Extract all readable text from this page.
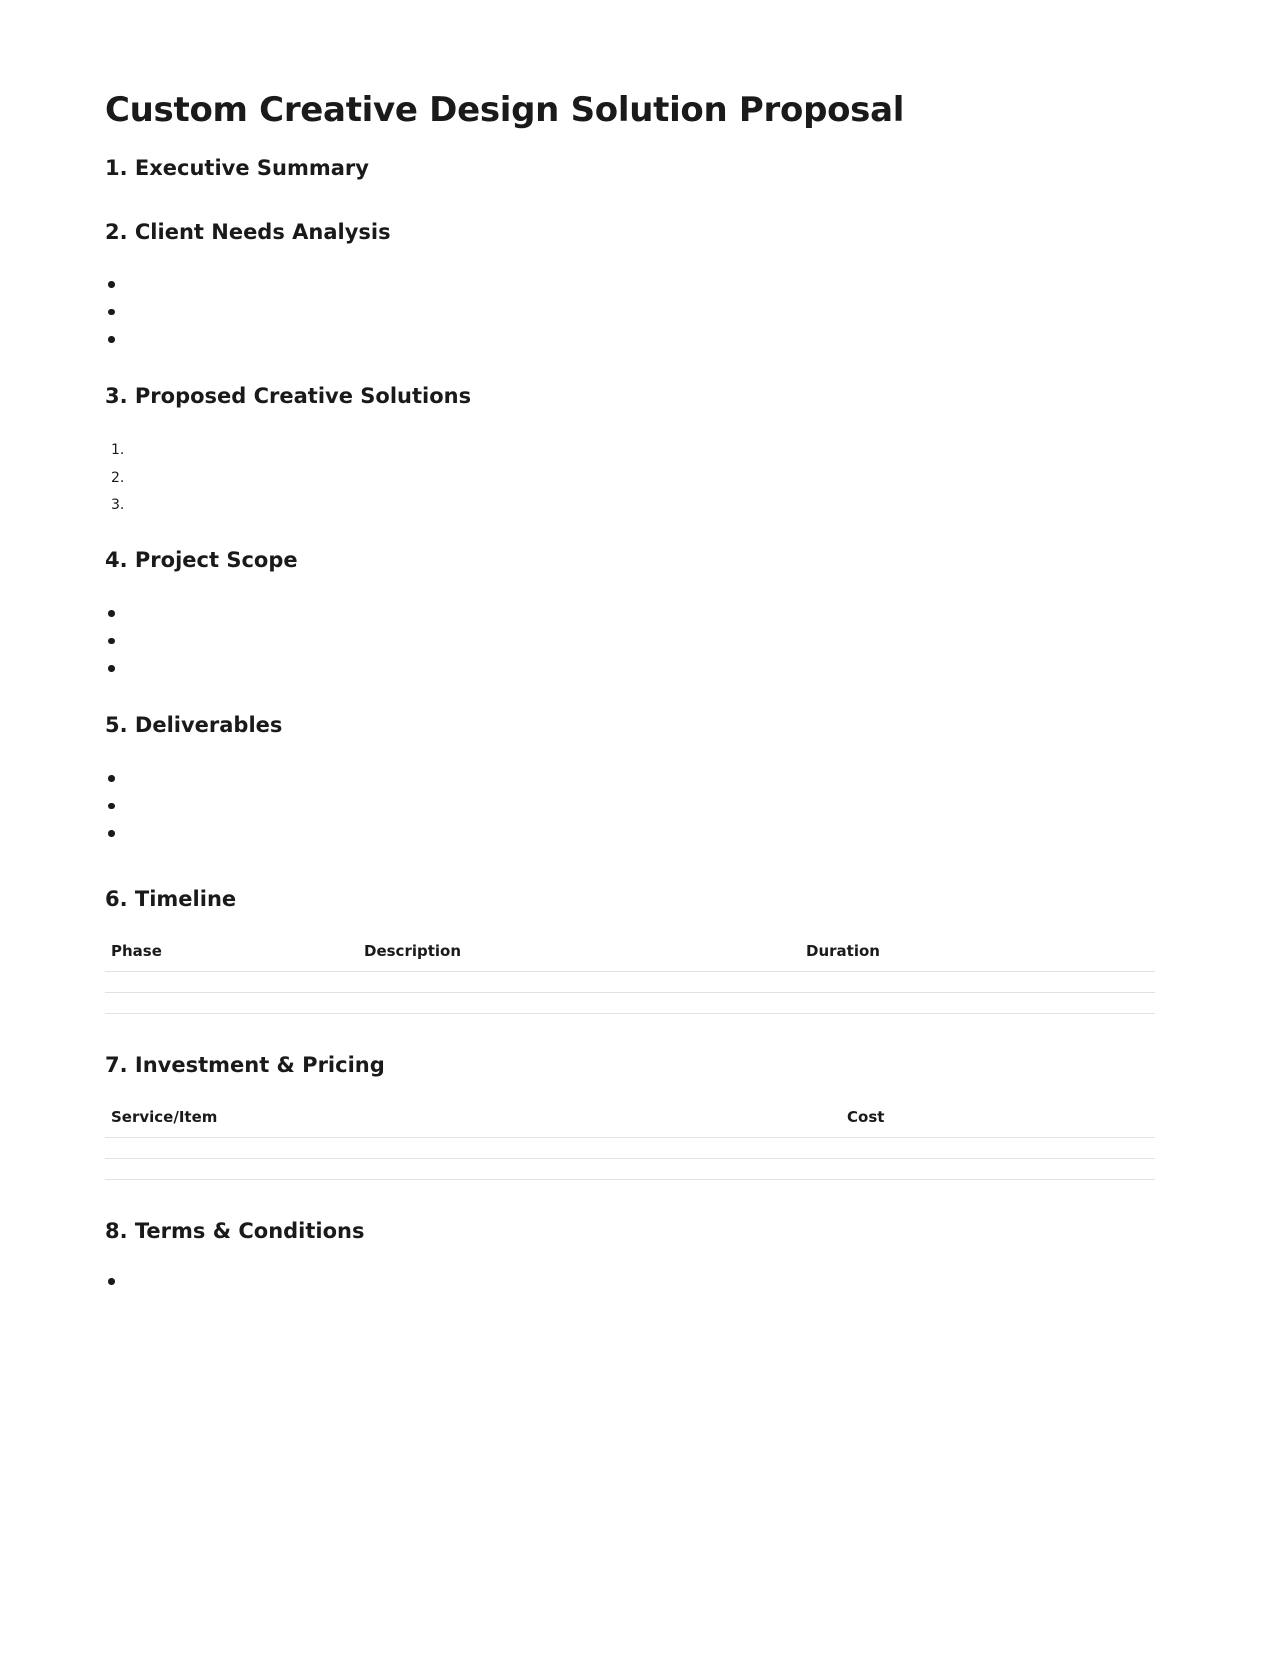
Custom Creative Design Solution Proposal
1. Executive Summary
2. Client Needs Analysis
3. Proposed Creative Solutions
1.
2.
3.
4. Project Scope
5. Deliverables
6. Timeline
Phase	Description	Duration

7. Investment & Pricing
Service/Item	Cost

8. Terms & Conditions
